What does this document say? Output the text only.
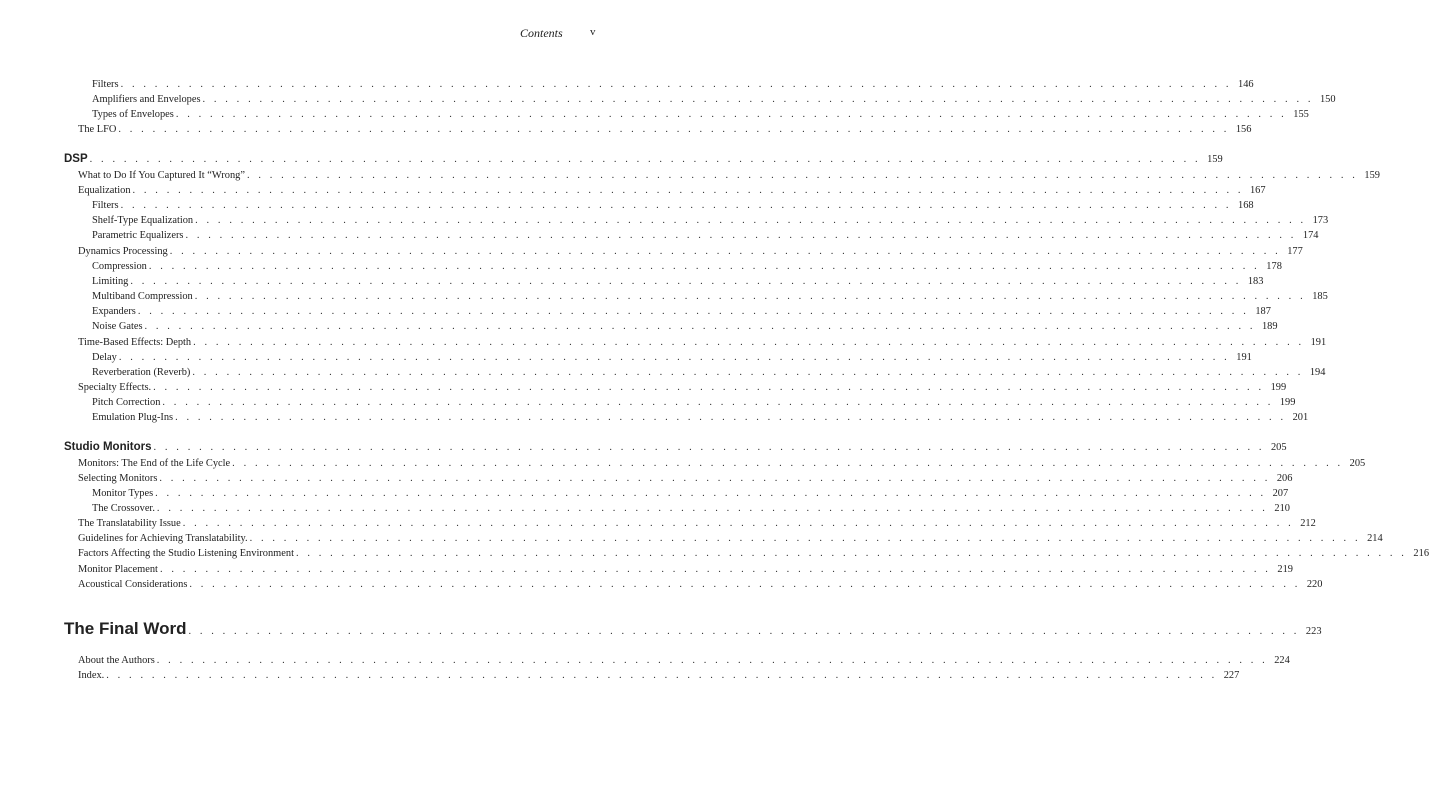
Contents v
Filters . . . . . . . . . . . . . . . . . . . . . . . . . . . . . . . . . . . . . . . . . . . . . . . . . . . . . . . . . . . . . . . . . . . . . . . . . . . . . . . . . . . . . . . . . . . . . . . . . . 146
Amplifiers and Envelopes . . . . . . . . . . . . . . . . . . . . . . . . . . . . . . . . . . . . . . . . . . . . . . . . . . . . . . . . . . . . . . . . . . . . . . . . . . . . . . . . . . . . . . . . . . . . . . . . . . 150
Types of Envelopes . . . . . . . . . . . . . . . . . . . . . . . . . . . . . . . . . . . . . . . . . . . . . . . . . . . . . . . . . . . . . . . . . . . . . . . . . . . . . . . . . . . . . . . . . . . . . . . . . . 155
The LFO . . . . . . . . . . . . . . . . . . . . . . . . . . . . . . . . . . . . . . . . . . . . . . . . . . . . . . . . . . . . . . . . . . . . . . . . . . . . . . . . . . . . . . . . . . . . . . . . . . 156
DSP . . . . . . . . . . . . . . . . . . . . . . . . . . . . . . . . . . . . . . . . . . . . . . . . . . . . . . . . . . . . . . . . . . . . . . . . . . . . . . . . . . . . . . . . . . . . . . . . . . 159
What to Do If You Captured It “Wrong” . . . . . . . . . . . . . . . . . . . . . . . . . . . . . . . . . . . . . . . . . . . . . . . . . . . . . . . . . . . . . . . . . . . . . . . . . . . . . . . . . . . . . . . . . . . . . . . . . . 159
Equalization . . . . . . . . . . . . . . . . . . . . . . . . . . . . . . . . . . . . . . . . . . . . . . . . . . . . . . . . . . . . . . . . . . . . . . . . . . . . . . . . . . . . . . . . . . . . . . . . . . 167
Filters . . . . . . . . . . . . . . . . . . . . . . . . . . . . . . . . . . . . . . . . . . . . . . . . . . . . . . . . . . . . . . . . . . . . . . . . . . . . . . . . . . . . . . . . . . . . . . . . . . 168
Shelf-Type Equalization . . . . . . . . . . . . . . . . . . . . . . . . . . . . . . . . . . . . . . . . . . . . . . . . . . . . . . . . . . . . . . . . . . . . . . . . . . . . . . . . . . . . . . . . . . . . . . . . . . 173
Parametric Equalizers . . . . . . . . . . . . . . . . . . . . . . . . . . . . . . . . . . . . . . . . . . . . . . . . . . . . . . . . . . . . . . . . . . . . . . . . . . . . . . . . . . . . . . . . . . . . . . . . . . 174
Dynamics Processing . . . . . . . . . . . . . . . . . . . . . . . . . . . . . . . . . . . . . . . . . . . . . . . . . . . . . . . . . . . . . . . . . . . . . . . . . . . . . . . . . . . . . . . . . . . . . . . . . . 177
Compression . . . . . . . . . . . . . . . . . . . . . . . . . . . . . . . . . . . . . . . . . . . . . . . . . . . . . . . . . . . . . . . . . . . . . . . . . . . . . . . . . . . . . . . . . . . . . . . . . . 178
Limiting . . . . . . . . . . . . . . . . . . . . . . . . . . . . . . . . . . . . . . . . . . . . . . . . . . . . . . . . . . . . . . . . . . . . . . . . . . . . . . . . . . . . . . . . . . . . . . . . . . 183
Multiband Compression . . . . . . . . . . . . . . . . . . . . . . . . . . . . . . . . . . . . . . . . . . . . . . . . . . . . . . . . . . . . . . . . . . . . . . . . . . . . . . . . . . . . . . . . . . . . . . . . . . 185
Expanders . . . . . . . . . . . . . . . . . . . . . . . . . . . . . . . . . . . . . . . . . . . . . . . . . . . . . . . . . . . . . . . . . . . . . . . . . . . . . . . . . . . . . . . . . . . . . . . . . . 187
Noise Gates . . . . . . . . . . . . . . . . . . . . . . . . . . . . . . . . . . . . . . . . . . . . . . . . . . . . . . . . . . . . . . . . . . . . . . . . . . . . . . . . . . . . . . . . . . . . . . . . . . 189
Time-Based Effects: Depth . . . . . . . . . . . . . . . . . . . . . . . . . . . . . . . . . . . . . . . . . . . . . . . . . . . . . . . . . . . . . . . . . . . . . . . . . . . . . . . . . . . . . . . . . . . . . . . . . . 191
Delay . . . . . . . . . . . . . . . . . . . . . . . . . . . . . . . . . . . . . . . . . . . . . . . . . . . . . . . . . . . . . . . . . . . . . . . . . . . . . . . . . . . . . . . . . . . . . . . . . . 191
Reverberation (Reverb) . . . . . . . . . . . . . . . . . . . . . . . . . . . . . . . . . . . . . . . . . . . . . . . . . . . . . . . . . . . . . . . . . . . . . . . . . . . . . . . . . . . . . . . . . . . . . . . . . . 194
Specialty Effects. . . . . . . . . . . . . . . . . . . . . . . . . . . . . . . . . . . . . . . . . . . . . . . . . . . . . . . . . . . . . . . . . . . . . . . . . . . . . . . . . . . . . . . . . . . . . . . . . . . 199
Pitch Correction . . . . . . . . . . . . . . . . . . . . . . . . . . . . . . . . . . . . . . . . . . . . . . . . . . . . . . . . . . . . . . . . . . . . . . . . . . . . . . . . . . . . . . . . . . . . . . . . . . 199
Emulation Plug-Ins . . . . . . . . . . . . . . . . . . . . . . . . . . . . . . . . . . . . . . . . . . . . . . . . . . . . . . . . . . . . . . . . . . . . . . . . . . . . . . . . . . . . . . . . . . . . . . . . . . 201
Studio Monitors . . . . . . . . . . . . . . . . . . . . . . . . . . . . . . . . . . . . . . . . . . . . . . . . . . . . . . . . . . . . . . . . . . . . . . . . . . . . . . . . . . . . . . . . . . . . . . . . . . 205
Monitors: The End of the Life Cycle . . . . . . . . . . . . . . . . . . . . . . . . . . . . . . . . . . . . . . . . . . . . . . . . . . . . . . . . . . . . . . . . . . . . . . . . . . . . . . . . . . . . . . . . . . . . . . . . . . 205
Selecting Monitors . . . . . . . . . . . . . . . . . . . . . . . . . . . . . . . . . . . . . . . . . . . . . . . . . . . . . . . . . . . . . . . . . . . . . . . . . . . . . . . . . . . . . . . . . . . . . . . . . . 206
Monitor Types . . . . . . . . . . . . . . . . . . . . . . . . . . . . . . . . . . . . . . . . . . . . . . . . . . . . . . . . . . . . . . . . . . . . . . . . . . . . . . . . . . . . . . . . . . . . . . . . . . 207
The Crossover. . . . . . . . . . . . . . . . . . . . . . . . . . . . . . . . . . . . . . . . . . . . . . . . . . . . . . . . . . . . . . . . . . . . . . . . . . . . . . . . . . . . . . . . . . . . . . . . . . . 210
The Translatability Issue . . . . . . . . . . . . . . . . . . . . . . . . . . . . . . . . . . . . . . . . . . . . . . . . . . . . . . . . . . . . . . . . . . . . . . . . . . . . . . . . . . . . . . . . . . . . . . . . . . 212
Guidelines for Achieving Translatability. . . . . . . . . . . . . . . . . . . . . . . . . . . . . . . . . . . . . . . . . . . . . . . . . . . . . . . . . . . . . . . . . . . . . . . . . . . . . . . . . . . . . . . . . . . . . . . . . . . 214
Factors Affecting the Studio Listening Environment . . . . . . . . . . . . . . . . . . . . . . . . . . . . . . . . . . . . . . . . . . . . . . . . . . . . . . . . . . . . . . . . . . . . . . . . . . . . . . . . . . . . . . . . . . . . . . . . . . 216
Monitor Placement . . . . . . . . . . . . . . . . . . . . . . . . . . . . . . . . . . . . . . . . . . . . . . . . . . . . . . . . . . . . . . . . . . . . . . . . . . . . . . . . . . . . . . . . . . . . . . . . . . 219
Acoustical Considerations . . . . . . . . . . . . . . . . . . . . . . . . . . . . . . . . . . . . . . . . . . . . . . . . . . . . . . . . . . . . . . . . . . . . . . . . . . . . . . . . . . . . . . . . . . . . . . . . . . 220
The Final Word . . . . . . . . . . . . . . . . . . . . . . . . . . . . . . . . . . . . . . . . . . . . . . . . . . . . . . . . . . . . . . . . . . . . . . . . . . . . . . . . . . . . . . . . . . . . . . . . . . 223
About the Authors . . . . . . . . . . . . . . . . . . . . . . . . . . . . . . . . . . . . . . . . . . . . . . . . . . . . . . . . . . . . . . . . . . . . . . . . . . . . . . . . . . . . . . . . . . . . . . . . . . 224
Index. . . . . . . . . . . . . . . . . . . . . . . . . . . . . . . . . . . . . . . . . . . . . . . . . . . . . . . . . . . . . . . . . . . . . . . . . . . . . . . . . . . . . . . . . . . . . . . . . . . 227
